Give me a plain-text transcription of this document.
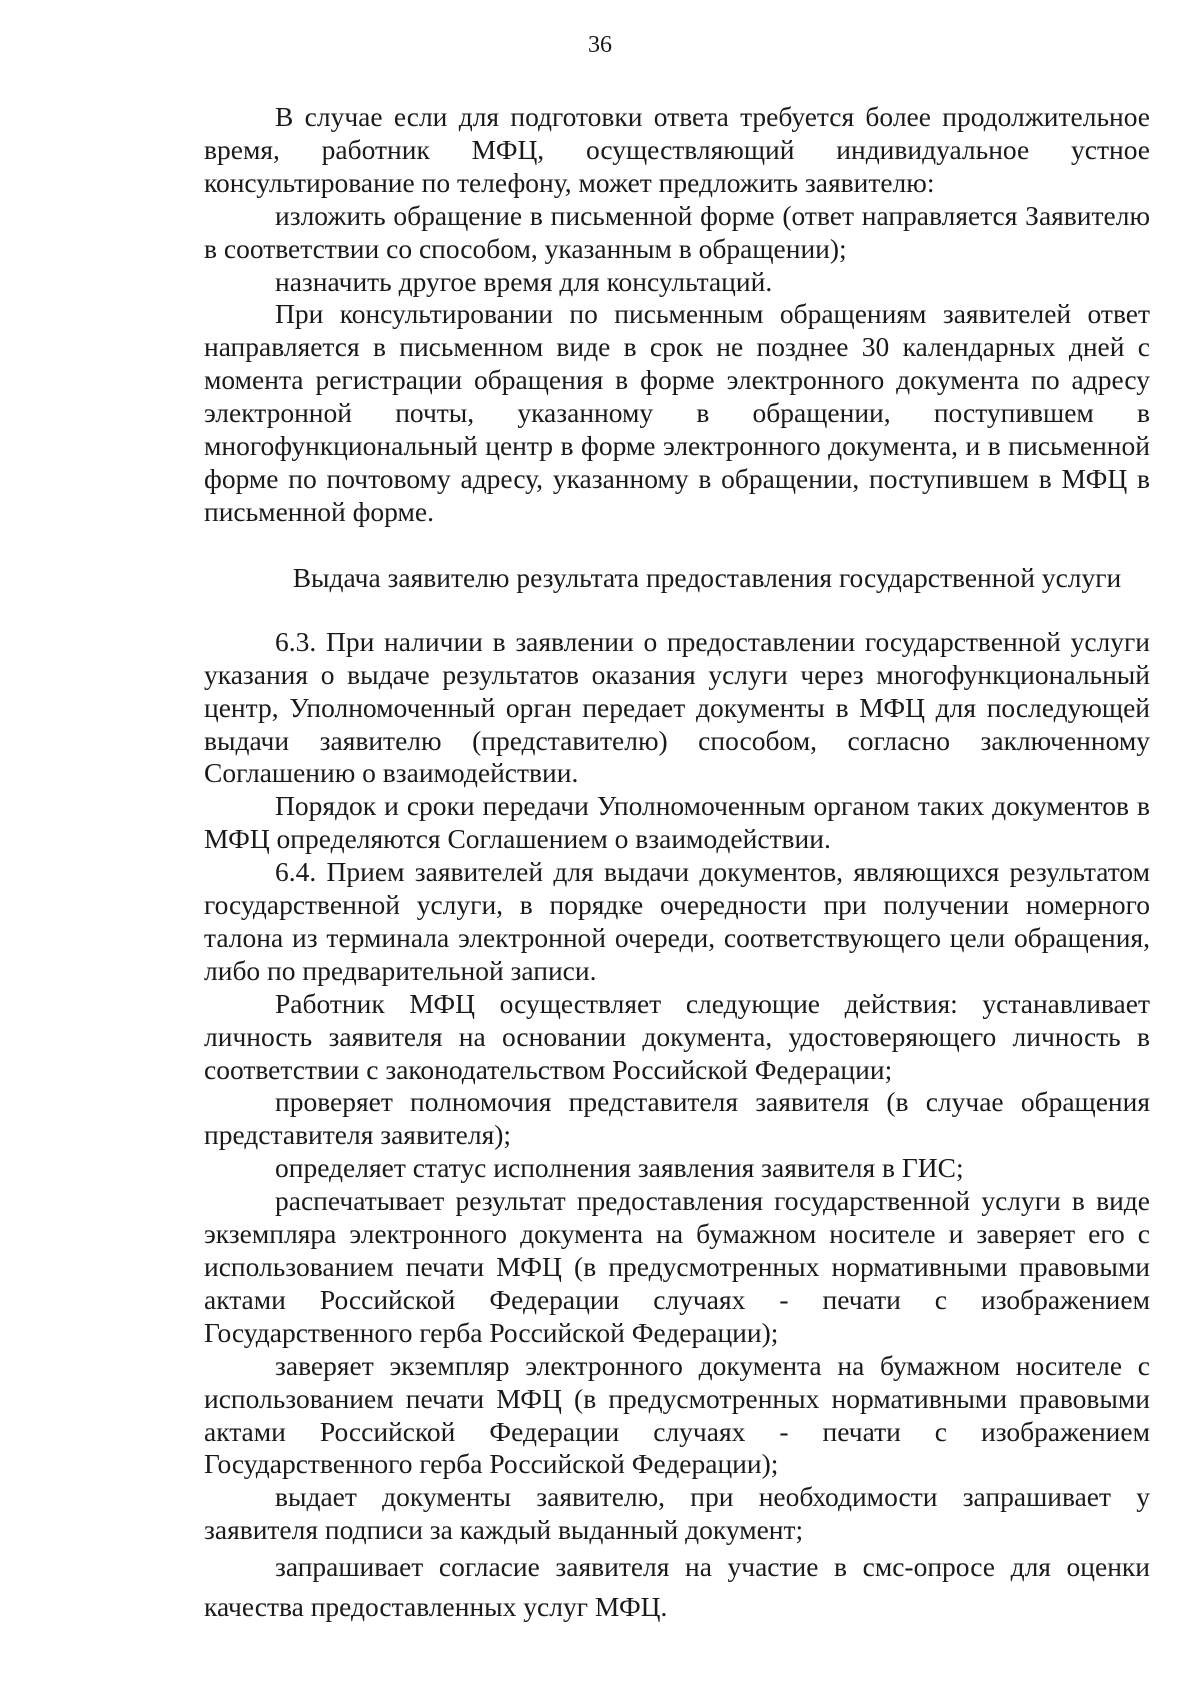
36

В случае если для подготовки ответа требуется более продолжительное время, работник МФЦ, осуществляющий индивидуальное устное консультирование по телефону, может предложить заявителю:

изложить обращение в письменной форме (ответ направляется Заявителю в соответствии со способом, указанным в обращении);

назначить другое время для консультаций.

При консультировании по письменным обращениям заявителей ответ направляется в письменном виде в срок не позднее 30 календарных дней с момента регистрации обращения в форме электронного документа по адресу электронной почты, указанному в обращении, поступившем в многофункциональный центр в форме электронного документа, и в письменной форме по почтовому адресу, указанному в обращении, поступившем в МФЦ в письменной форме.

Выдача заявителю результата предоставления государственной услуги

6.3. При наличии в заявлении о предоставлении государственной услуги указания о выдаче результатов оказания услуги через многофункциональный центр, Уполномоченный орган передает документы в МФЦ для последующей выдачи заявителю (представителю) способом, согласно заключенному Соглашению о взаимодействии.

Порядок и сроки передачи Уполномоченным органом таких документов в МФЦ определяются Соглашением о взаимодействии.

6.4. Прием заявителей для выдачи документов, являющихся результатом государственной услуги, в порядке очередности при получении номерного талона из терминала электронной очереди, соответствующего цели обращения, либо по предварительной записи.

Работник МФЦ осуществляет следующие действия: устанавливает личность заявителя на основании документа, удостоверяющего личность в соответствии с законодательством Российской Федерации;

проверяет полномочия представителя заявителя (в случае обращения представителя заявителя);

определяет статус исполнения заявления заявителя в ГИС;

распечатывает результат предоставления государственной услуги в виде экземпляра электронного документа на бумажном носителе и заверяет его с использованием печати МФЦ (в предусмотренных нормативными правовыми актами Российской Федерации случаях - печати с изображением Государственного герба Российской Федерации);

заверяет экземпляр электронного документа на бумажном носителе с использованием печати МФЦ (в предусмотренных нормативными правовыми актами Российской Федерации случаях - печати с изображением Государственного герба Российской Федерации);

выдает документы заявителю, при необходимости запрашивает у заявителя подписи за каждый выданный документ;

запрашивает согласие заявителя на участие в смс-опросе для оценки качества предоставленных услуг МФЦ.
